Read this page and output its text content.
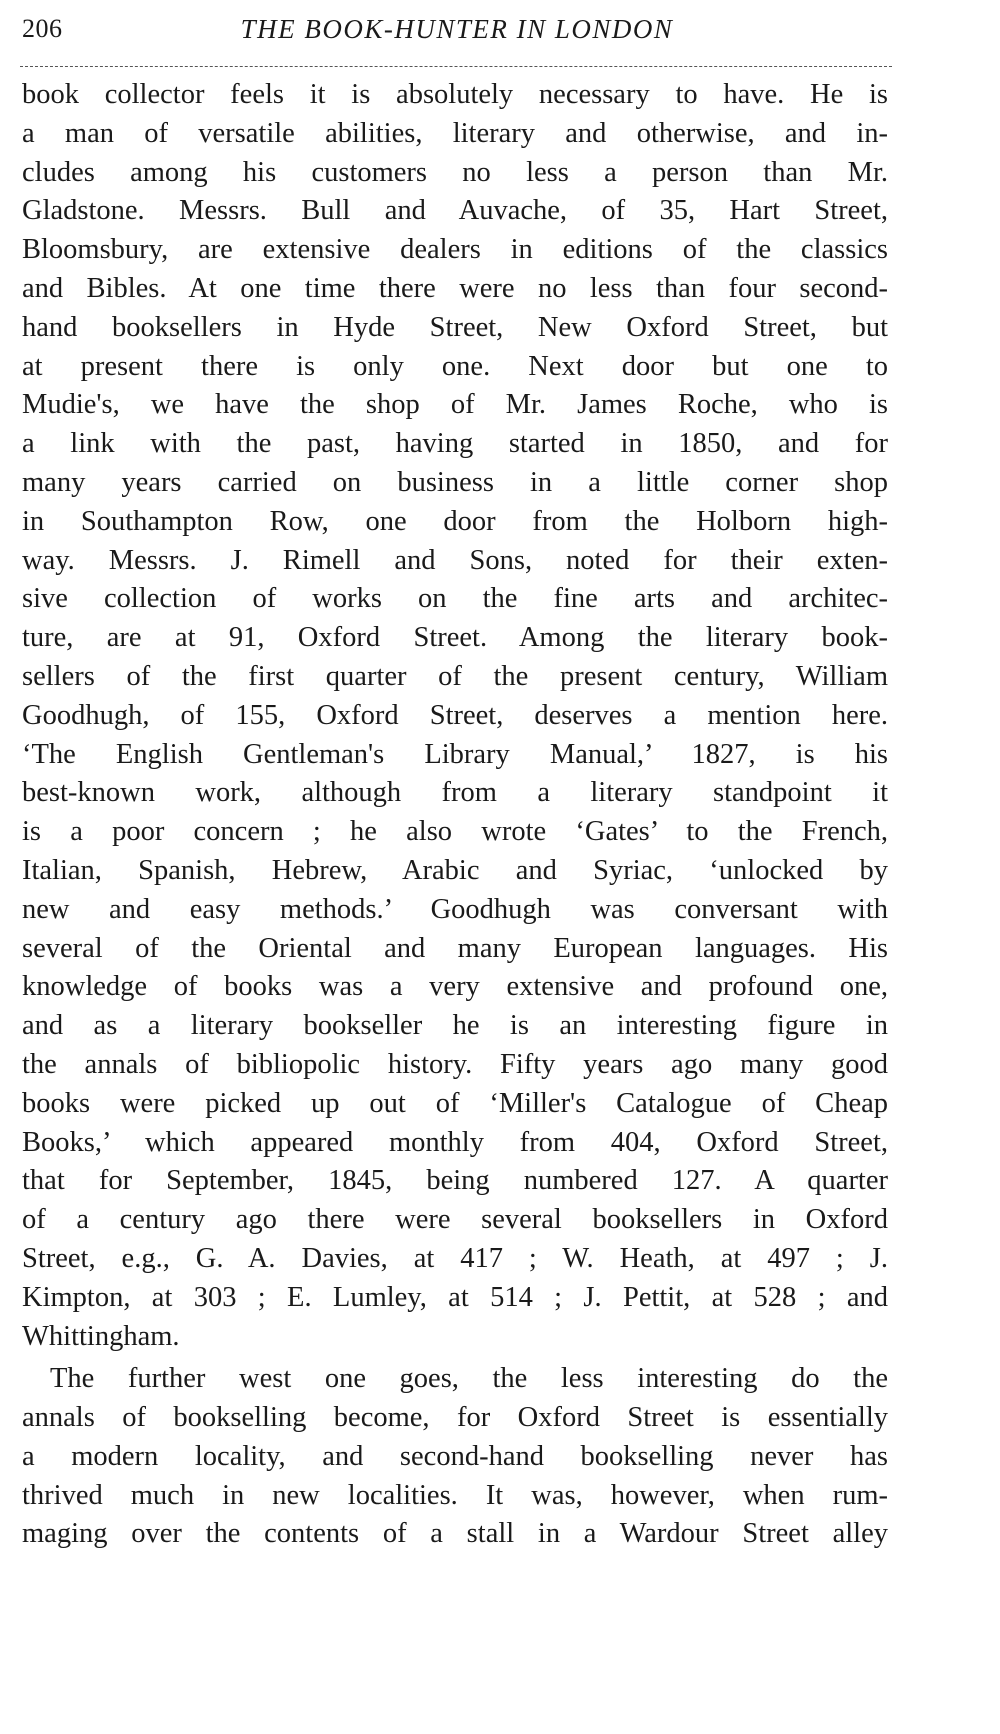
206	THE BOOK-HUNTER IN LONDON
book collector feels it is absolutely necessary to have. He is
a man of versatile abilities, literary and otherwise, and in-
cludes among his customers no less a person than Mr.
Gladstone. Messrs. Bull and Auvache, of 35, Hart Street,
Bloomsbury, are extensive dealers in editions of the classics
and Bibles. At one time there were no less than four second-
hand booksellers in Hyde Street, New Oxford Street, but
at present there is only one. Next door but one to
Mudie's, we have the shop of Mr. James Roche, who is
a link with the past, having started in 1850, and for
many years carried on business in a little corner shop
in Southampton Row, one door from the Holborn high-
way. Messrs. J. Rimell and Sons, noted for their exten-
sive collection of works on the fine arts and architec-
ture, are at 91, Oxford Street. Among the literary book-
sellers of the first quarter of the present century, William
Goodhugh, of 155, Oxford Street, deserves a mention here.
‘The English Gentleman's Library Manual,’ 1827, is his
best-known work, although from a literary standpoint it
is a poor concern ; he also wrote ‘Gates’ to the French,
Italian, Spanish, Hebrew, Arabic and Syriac, ‘unlocked by
new and easy methods.’ Goodhugh was conversant with
several of the Oriental and many European languages. His
knowledge of books was a very extensive and profound one,
and as a literary bookseller he is an interesting figure in
the annals of bibliopolic history. Fifty years ago many good
books were picked up out of ‘Miller's Catalogue of Cheap
Books,’ which appeared monthly from 404, Oxford Street,
that for September, 1845, being numbered 127. A quarter
of a century ago there were several booksellers in Oxford
Street, e.g., G. A. Davies, at 417 ; W. Heath, at 497 ; J.
Kimpton, at 303 ; E. Lumley, at 514 ; J. Pettit, at 528 ; and
Whittingham.
The further west one goes, the less interesting do the
annals of bookselling become, for Oxford Street is essentially
a modern locality, and second-hand bookselling never has
thrived much in new localities. It was, however, when rum-
maging over the contents of a stall in a Wardour Street alley
